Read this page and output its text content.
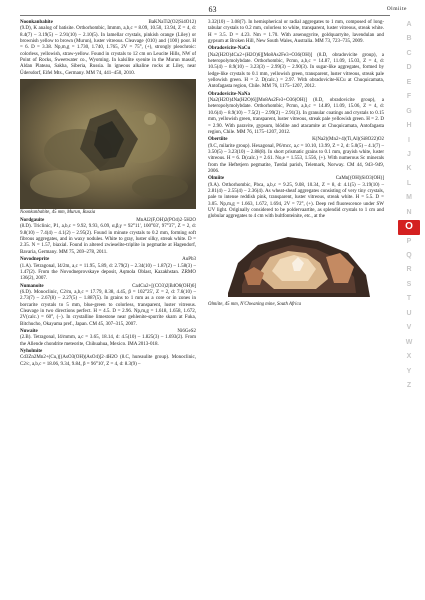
63	Olmiite
Noonkanbahite	BaKNaTi2(O2|Si4O12)

(9.D), K analog of batisite. Orthorhombic, Immm, a,b,c = 8.09, 10.50, 13.94, Z = 4, d: 8.4(7) – 3.19(5) – 2.91(10) – 2.10(5). In lamellar crystals, pinkish orange (Liley) or brownish yellow to brown (Murun), luster vitreous. Cleavage {010} and {100} poor. H = 6. D = 3.38. Np,m,g = 1.730, 1.740, 1.765, 2V = 75°, (+), strongly pleochroic: colorless, yellowish, straw-yellow. Found in crystals to 12 cm on Leucite Hills, NW of Point of Rocks, Sweetwater co., Wyoming. In kalsilite syenite in the Murun massif, Aldan Plateau, Sakha, Siberia, Russia. In igneous alkaline rocks at Liley, near Üdersdorf, Eifel Mts., Germany. MM 74, 441–450, 2010.

Noonkanbahite, 45 mm, Murun, Russia
Nordgauite	MnAl2(F,OH)2(PO4)2·5H2O

(8.D). Triclinic, P1, a,b,c = 9.92, 9.93, 6.09, α,β,γ = 92°11', 100°03', 97°37', Z = 2, d: 9.8(10) – 7.4(4) – 4.1(2) – 2.95(2). Found in minute crystals to 0.2 mm, forming soft fibrous aggregates, and in waxy nodules. White to gray, luster silky, streak white. D = 2.35. N = 1.57, biaxial. Found in altered zwieselite-triplite in pegmatite at Hagendorf, Bavaria, Germany. MM 75, 269–278, 2011.

Novodneprite	AuPb3

(1.A). Tetragonal, I4/2m, a,c = 11.95, 5.89, d: 2.79(2) – 2.34(10) – 1.87(2) – 1.58(3) – 1.47(2). From the Novodneprovskaye deposit, Aqmola Oblast, Kazakhstan. ZRMO 136(2), 2007.

Numanoite	Ca4Cu2+[(CO3)2|B4O6(OH)6]

(6.D). Monoclinic, C2/m, a,b,c = 17.79, 8.38, 4.45, β = 102°25', Z = 2, d: 7.6(10) – 2.73(7) – 2.67(8) – 2.27(5) – 1.887(5). In grains to 1 mm as a core or in zones in borcarite crystals to 5 mm, blue-green to colorless, transparent, luster vitreous. Cleavage in two directions perfect. H = 4.5. D = 2.96. Np,m,g = 1.618, 1.658, 1.672, 2V(calc.) = 60°, (−). In crystalline limestone near gehlenite-spurrite skarn at Fuka, Bitchucho, Okayama pref., Japan. CM 45, 307–315, 2007.

Nuwaite	Ni6GeS2

(2.B). Tetragonal, I4/mmm, a,c = 3.65, 18.14, d: 4.5(10) – 1.825(3) – 1.693(2). From the Allende chondrite meteorite, Chihuahua, Mexico. IMA 2013-018.

Nyholmite

Cd3Zn2Mn2+(Cu,)[(AsO3(OH)(AsO4)]2·4H2O (8.C, hureaulite group). Monoclinic, C2/c, a,b,c = 18.06, 9.34, 9.84, β = 96°10', Z = 4, d: 8.3(9) –

3.32(10) – 3.08(7). In hemispherical or radial aggregates to 1 mm, composed of long-tabular crystals to 0.2 mm, colorless to white, transparent, luster vitreous, streak white. H = 3.5. D = 4.23. Nm = 1.70. With arsenogyrite, goldquarryite, lavendulan and gypsum at Broken Hill, New South Wales, Australia. MM 73, 723–735, 2009.

Obradovicite-NaCu

[Na2(H2O)4Cu2+(H2O)6][Mo8As2Fe3+O36(OH)] (8.D, obradovicite group), a heteropolymolybdate. Orthorhombic, Pcmn, a,b,c = 14.87, 11.09, 15.03, Z = 4, d: 10.5(4) – 8.9(10) – 3.23(3) – 2.99(3) – 2.90(3). In sugar-like aggregates, formed by ledge-like crystals to 0.1 mm, yellowish green, transparent, luster vitreous, streak pale yellowish green. H = 2. D(calc.) = 2.97. With obradovicite-KCu at Chuquicamata, Antofagasta region, Chile. MM 76, 1175–1207, 2012.

Obradovicite-NaNa

[Na2(H2O)4Na(H2O)6][Mo8As2Fe3+O36(OH)] (8.D, obradovicite group), a heteropolymolybdate. Orthorhombic, Pcmn, a,b,c = 14.89, 11.09, 15.06, Z = 4, d: 10.6(4) – 8.9(10) – 7.5(2) – 2.99(2) – 2.91(3). In granular coatings and crystals to 0.15 mm, yellowish green, transparent, luster vitreous, streak pale yellowish green. H = 2. D = 2.90. With paravite, gypsum, blödite and atacamite at Chuquicamata, Antofagasta region, Chile. MM 76, 1175–1207, 2012.

Obertiite	K(Na2)(Mn2+4)(Ti,Al)(Si8O22)O2

(9.C, milarite group). Hexagonal, P6/mcc, a,c = 10.10, 13.99, Z = 2, d: 5.0(5) – 4.1(7) – 3.50(5) – 3.23(10) – 2.88(8). In short prismatic grains to 0.1 mm, grayish white, luster vitreous. H = 6. D(calc.) = 2.61. No,e = 1.553, 1.556, (+). With numerous Sc minerals from the Heftetjern pegmatite, Tørdal parish, Telemark, Norway. CM 44, 943–949, 2006.

Olmiite	CaMn[(OH)|SiO3(OH)]

(9.A). Orthorhombic, Pbca, a,b,c = 9.25, 9.08, 10.34, Z = 8, d: 4.1(5) – 3.19(10) – 2.81(4) – 2.55(4) – 2.36(4). As wheat-sheaf aggregates consisting of very tiny crystals, pale to intense reddish pink, transparent, luster vitreous, streak white. H = 5.5. D = 3.05. Np,m,g = 1.663, 1.672, 1.694, 2V = 72°, (+). Deep red fluorescence under SW UV light. Originally considered to be poldervaartite, as splendid crystals to 1 cm and globular aggregates to 4 cm with bultfonteinite, etc., at the

Olmiite, 45 mm, N'Chwaning mine, South Africa
A
B
C
D
E
F
G
H
I
J
K
L
M
N
O
P
Q
R
S
T
U
V
W
X
Y
Z
